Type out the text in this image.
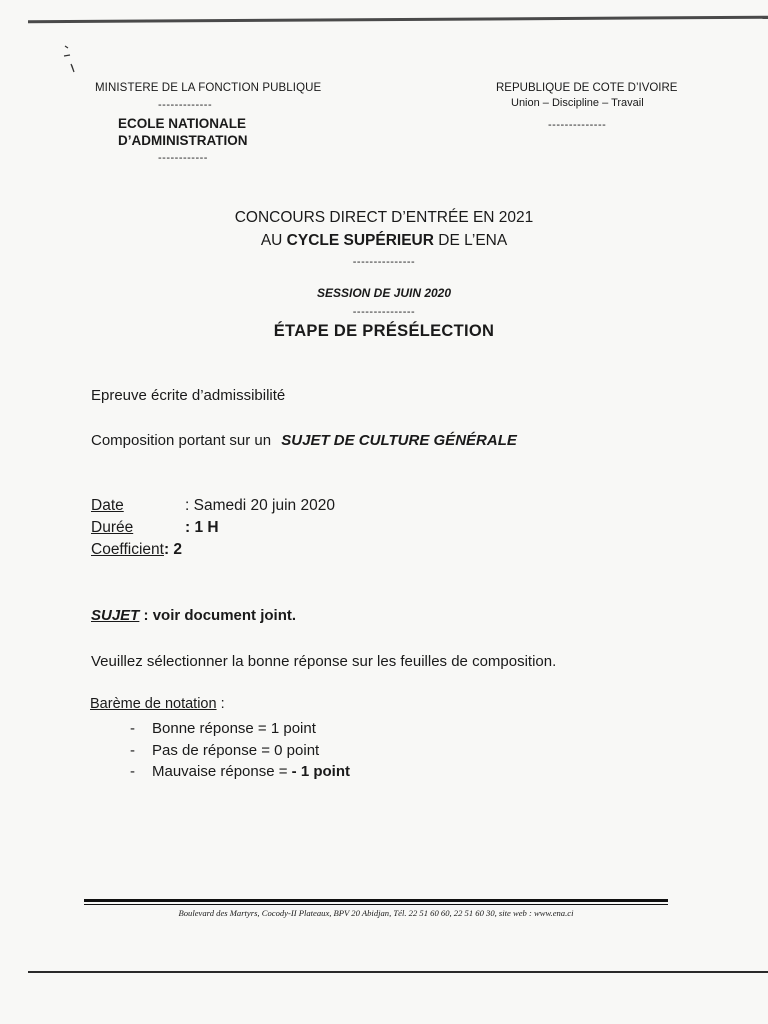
MINISTERE DE LA FONCTION PUBLIQUE
-------------
ECOLE NATIONALE
D’ADMINISTRATION
------------
REPUBLIQUE DE COTE D’IVOIRE
Union – Discipline – Travail
--------------
CONCOURS DIRECT D’ENTRÉE EN 2021
AU CYCLE SUPÉRIEUR DE L’ENA
---------------
SESSION DE JUIN 2020
---------------
ÉTAPE DE PRÉSÉLECTION
Epreuve écrite d’admissibilité
Composition portant sur un SUJET DE CULTURE GÉNÉRALE
Date	: Samedi 20 juin 2020
Durée	: 1 H
Coefficient: 2
SUJET : voir document joint.
Veuillez sélectionner la bonne réponse sur les feuilles de composition.
Barème de notation :
- Bonne réponse = 1 point
- Pas de réponse = 0 point
- Mauvaise réponse = - 1 point
Boulevard des Martyrs, Cocody-II Plateaux, BPV 20 Abidjan, Tél. 22 51 60 60, 22 51 60 30, site web : www.ena.ci
